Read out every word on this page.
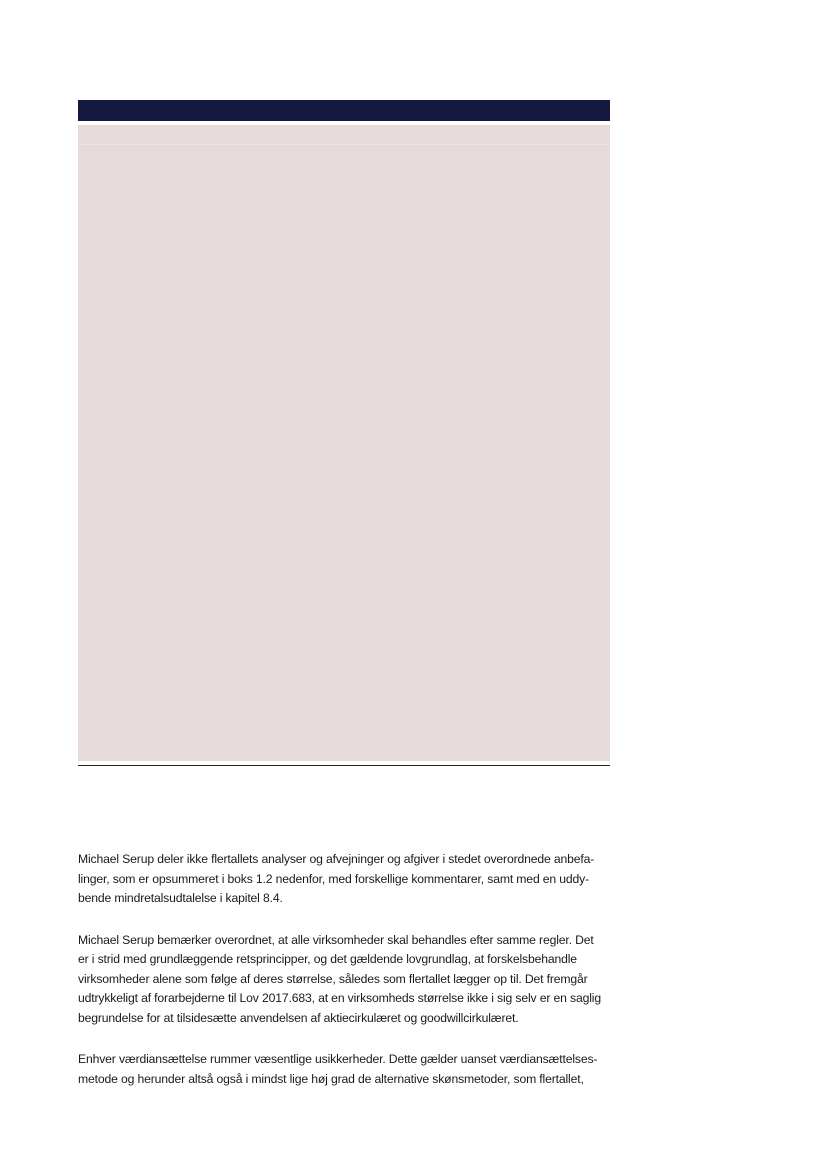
Michael Serup deler ikke flertallets analyser og afvejninger og afgiver i stedet overordnede anbefa-
linger, som er opsummeret i boks 1.2 nedenfor, med forskellige kommentarer, samt med en uddy-
bende mindretalsudtalelse i kapitel 8.4.

Michael Serup bemærker overordnet, at alle virksomheder skal behandles efter samme regler. Det
er i strid med grundlæggende retsprincipper, og det gældende lovgrundlag, at forskelsbehandle
virksomheder alene som følge af deres størrelse, således som flertallet lægger op til. Det fremgår
udtrykkeligt af forarbejderne til Lov 2017.683, at en virksomheds størrelse ikke i sig selv er en saglig
begrundelse for at tilsidesætte anvendelsen af aktiecirkulæret og goodwillcirkulæret.

Enhver værdiansættelse rummer væsentlige usikkerheder. Dette gælder uanset værdiansættelses-
metode og herunder altså også i mindst lige høj grad de alternative skønsmetoder, som flertallet,
